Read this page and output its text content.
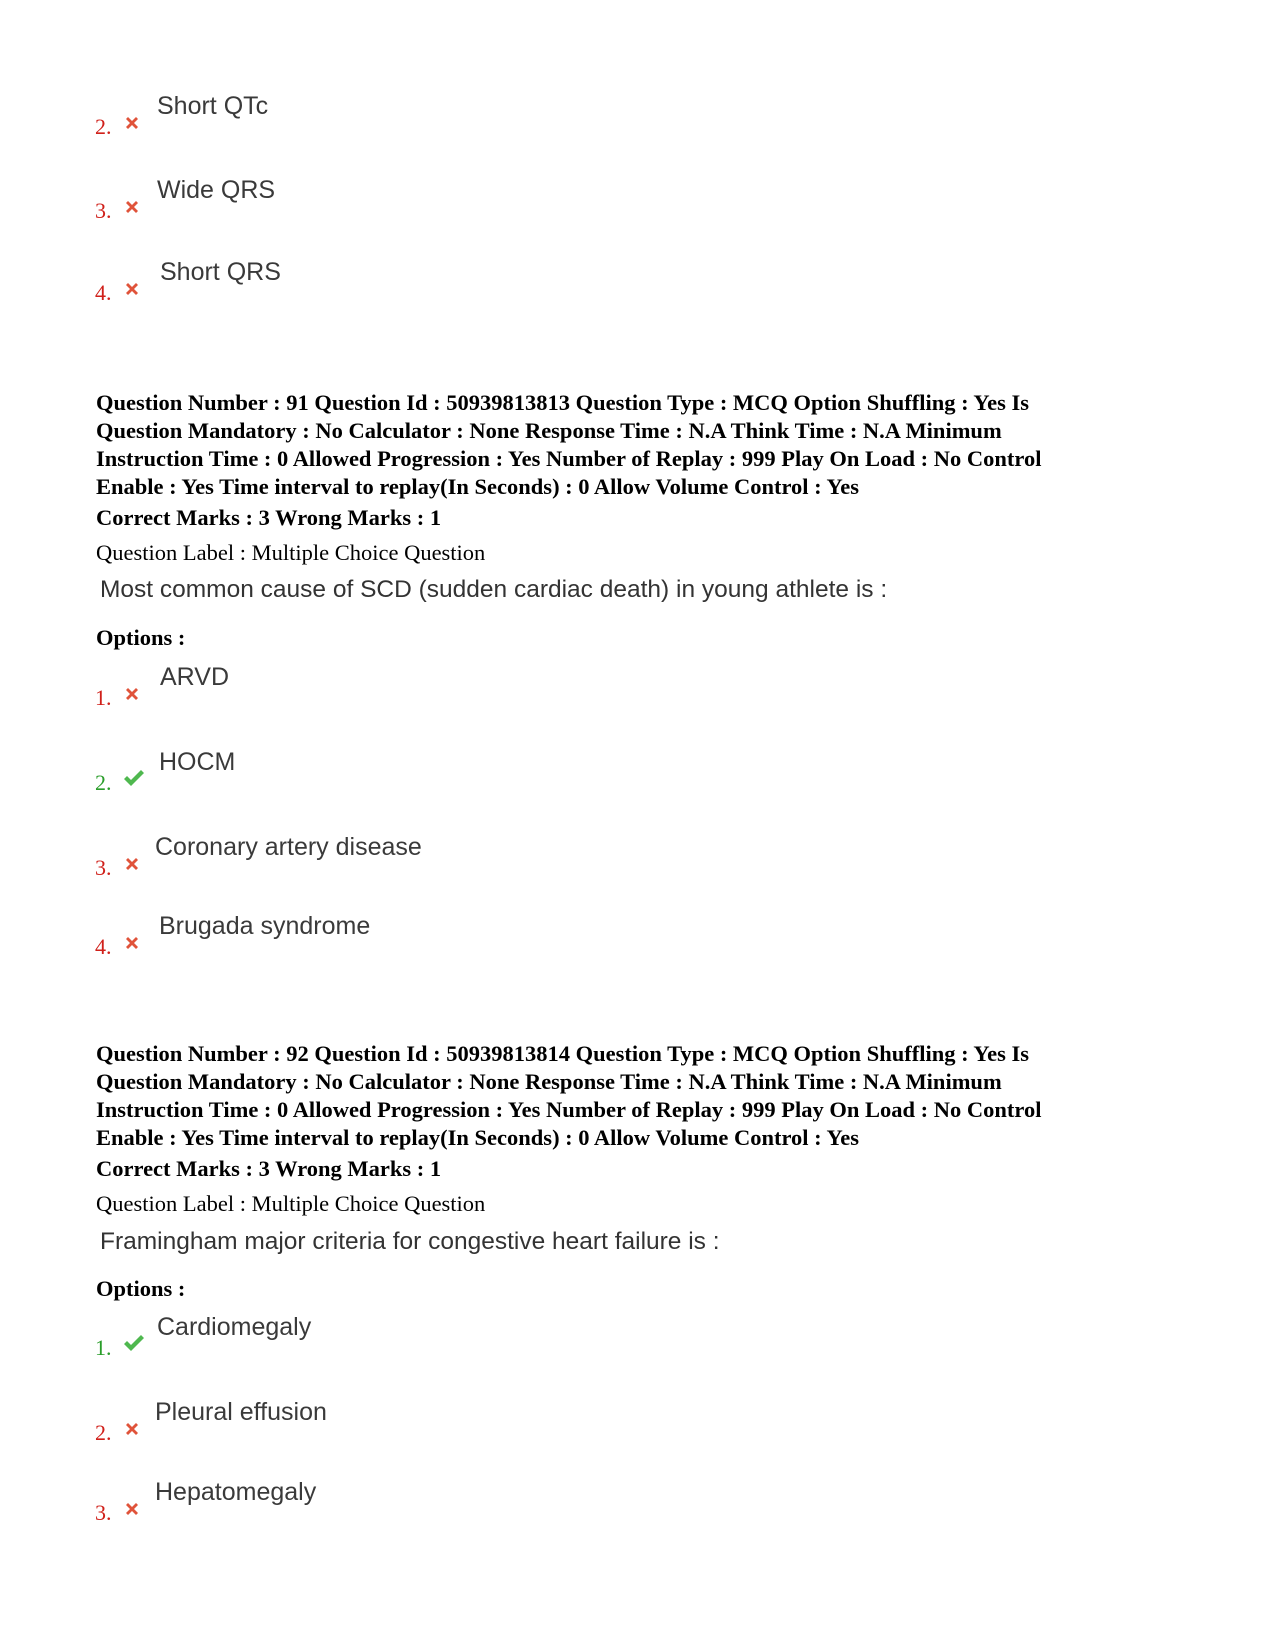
2.
Short QTc
3.
Wide QRS
4.
Short QRS
Question Number : 91 Question Id : 50939813813 Question Type : MCQ Option Shuffling : Yes Is
Question Mandatory : No Calculator : None Response Time : N.A Think Time : N.A Minimum
Instruction Time : 0 Allowed Progression : Yes Number of Replay : 999 Play On Load : No Control
Enable : Yes Time interval to replay(In Seconds) : 0 Allow Volume Control : Yes
Correct Marks : 3 Wrong Marks : 1
Question Label : Multiple Choice Question
Most common cause of SCD (sudden cardiac death) in young athlete is :
Options :
1.
ARVD
2.
HOCM
3.
Coronary artery disease
4.
Brugada syndrome
Question Number : 92 Question Id : 50939813814 Question Type : MCQ Option Shuffling : Yes Is
Question Mandatory : No Calculator : None Response Time : N.A Think Time : N.A Minimum
Instruction Time : 0 Allowed Progression : Yes Number of Replay : 999 Play On Load : No Control
Enable : Yes Time interval to replay(In Seconds) : 0 Allow Volume Control : Yes
Correct Marks : 3 Wrong Marks : 1
Question Label : Multiple Choice Question
Framingham major criteria for congestive heart failure is :
Options :
1.
Cardiomegaly
2.
Pleural effusion
3.
Hepatomegaly
